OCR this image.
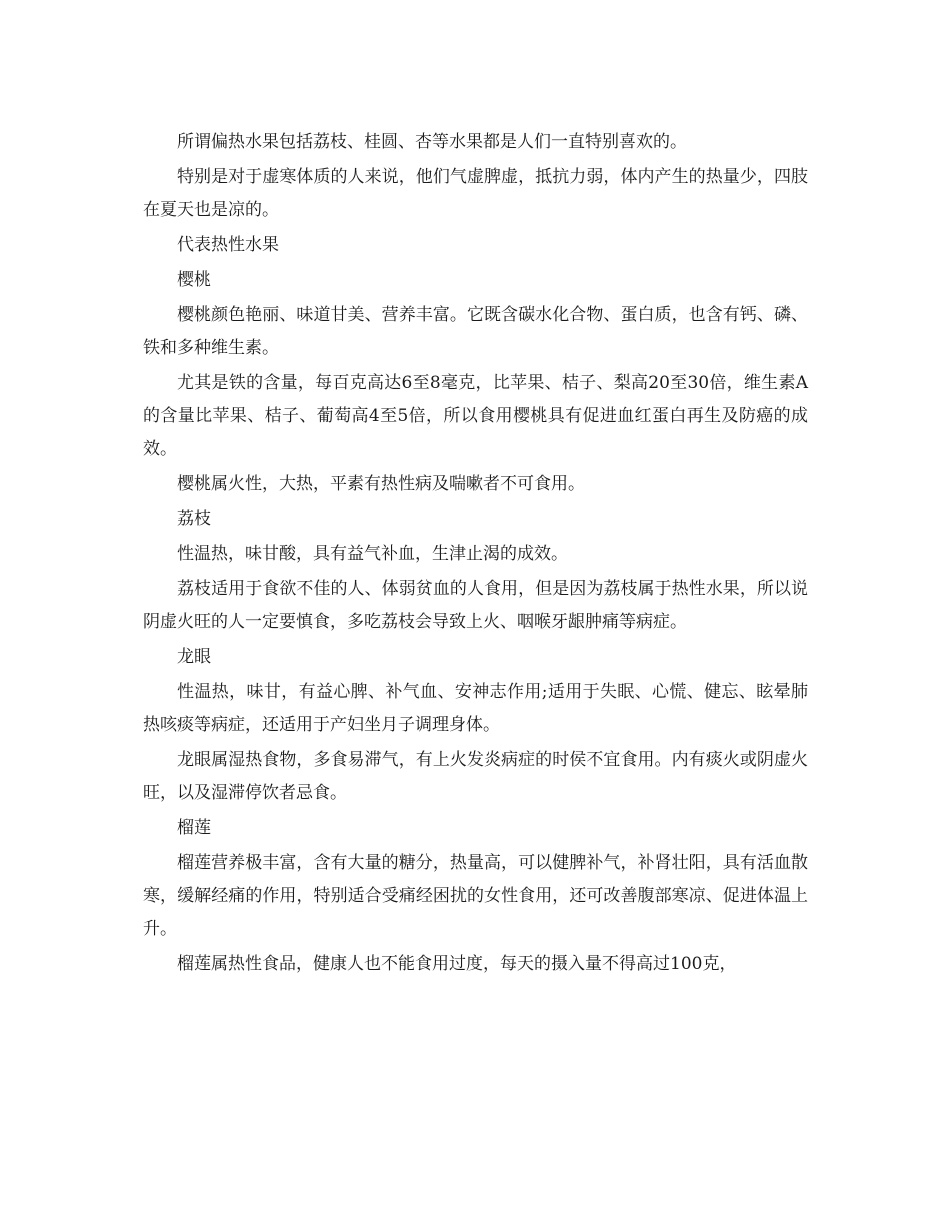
所谓偏热水果包括荔枝、桂圆、杏等水果都是人们一直特别喜欢的。

特别是对于虚寒体质的人来说，他们气虚脾虚，抵抗力弱，体内产生的热量少，四肢在夏天也是凉的。

代表热性水果

樱桃

樱桃颜色艳丽、味道甘美、营养丰富。它既含碳水化合物、蛋白质，也含有钙、磷、铁和多种维生素。

尤其是铁的含量，每百克高达6至8毫克，比苹果、桔子、梨高20至30倍，维生素A的含量比苹果、桔子、葡萄高4至5倍，所以食用樱桃具有促进血红蛋白再生及防癌的成效。

樱桃属火性，大热，平素有热性病及喘嗽者不可食用。

荔枝

性温热，味甘酸，具有益气补血，生津止渴的成效。

荔枝适用于食欲不佳的人、体弱贫血的人食用，但是因为荔枝属于热性水果，所以说阴虚火旺的人一定要慎食，多吃荔枝会导致上火、咽喉牙龈肿痛等病症。

龙眼

性温热，味甘，有益心脾、补气血、安神志作用;适用于失眠、心慌、健忘、眩晕肺热咳痰等病症，还适用于产妇坐月子调理身体。

龙眼属湿热食物，多食易滞气，有上火发炎病症的时侯不宜食用。内有痰火或阴虚火旺，以及湿滞停饮者忌食。

榴莲

榴莲营养极丰富，含有大量的糖分，热量高，可以健脾补气，补肾壮阳，具有活血散寒，缓解经痛的作用，特别适合受痛经困扰的女性食用，还可改善腹部寒凉、促进体温上升。

榴莲属热性食品，健康人也不能食用过度，每天的摄入量不得高过100克，
